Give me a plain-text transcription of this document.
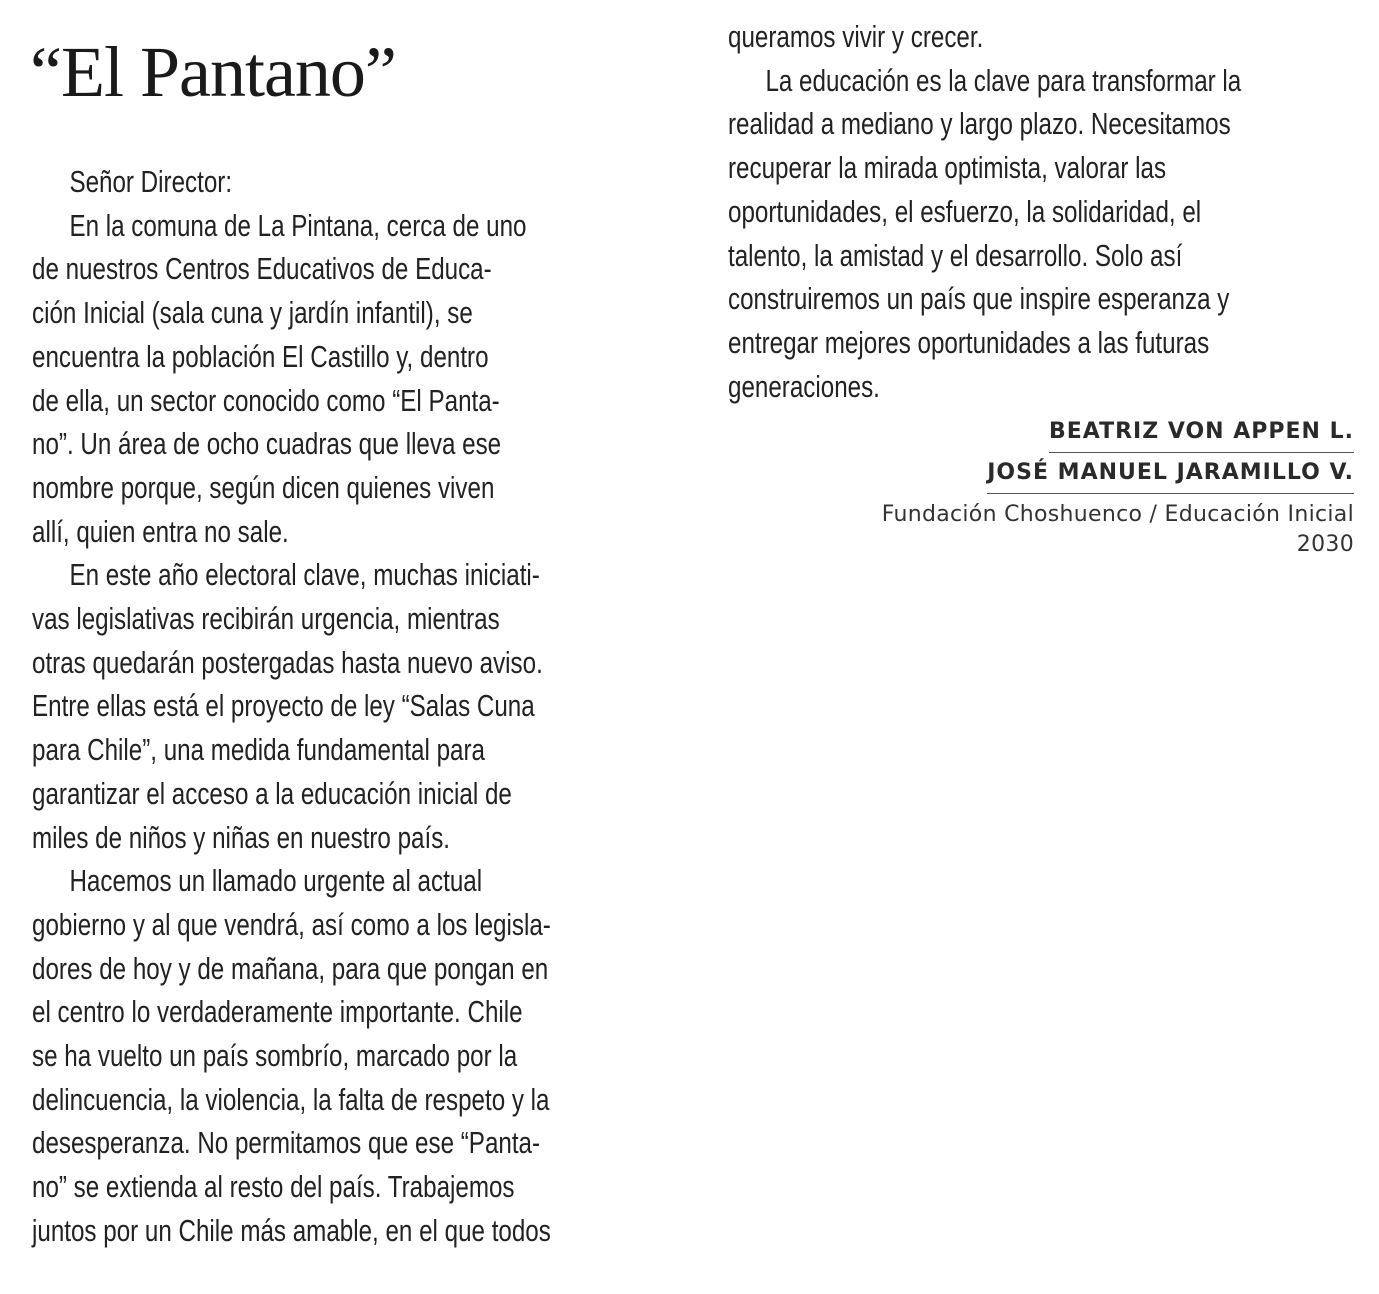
“El Pantano”
Señor Director:
En la comuna de La Pintana, cerca de uno
de nuestros Centros Educativos de Educa-
ción Inicial (sala cuna y jardín infantil), se
encuentra la población El Castillo y, dentro
de ella, un sector conocido como “El Panta-
no”. Un área de ocho cuadras que lleva ese
nombre porque, según dicen quienes viven
allí, quien entra no sale.
En este año electoral clave, muchas iniciati-
vas legislativas recibirán urgencia, mientras
otras quedarán postergadas hasta nuevo aviso.
Entre ellas está el proyecto de ley “Salas Cuna
para Chile”, una medida fundamental para
garantizar el acceso a la educación inicial de
miles de niños y niñas en nuestro país.
Hacemos un llamado urgente al actual
gobierno y al que vendrá, así como a los legisla-
dores de hoy y de mañana, para que pongan en
el centro lo verdaderamente importante. Chile
se ha vuelto un país sombrío, marcado por la
delincuencia, la violencia, la falta de respeto y la
desesperanza. No permitamos que ese “Panta-
no” se extienda al resto del país. Trabajemos
juntos por un Chile más amable, en el que todos
queramos vivir y crecer.
La educación es la clave para transformar la
realidad a mediano y largo plazo. Necesitamos
recuperar la mirada optimista, valorar las
oportunidades, el esfuerzo, la solidaridad, el
talento, la amistad y el desarrollo. Solo así
construiremos un país que inspire esperanza y
entregar mejores oportunidades a las futuras
generaciones.
BEATRIZ VON APPEN L.
JOSÉ MANUEL JARAMILLO V.
Fundación Choshuenco / Educación Inicial 2030
